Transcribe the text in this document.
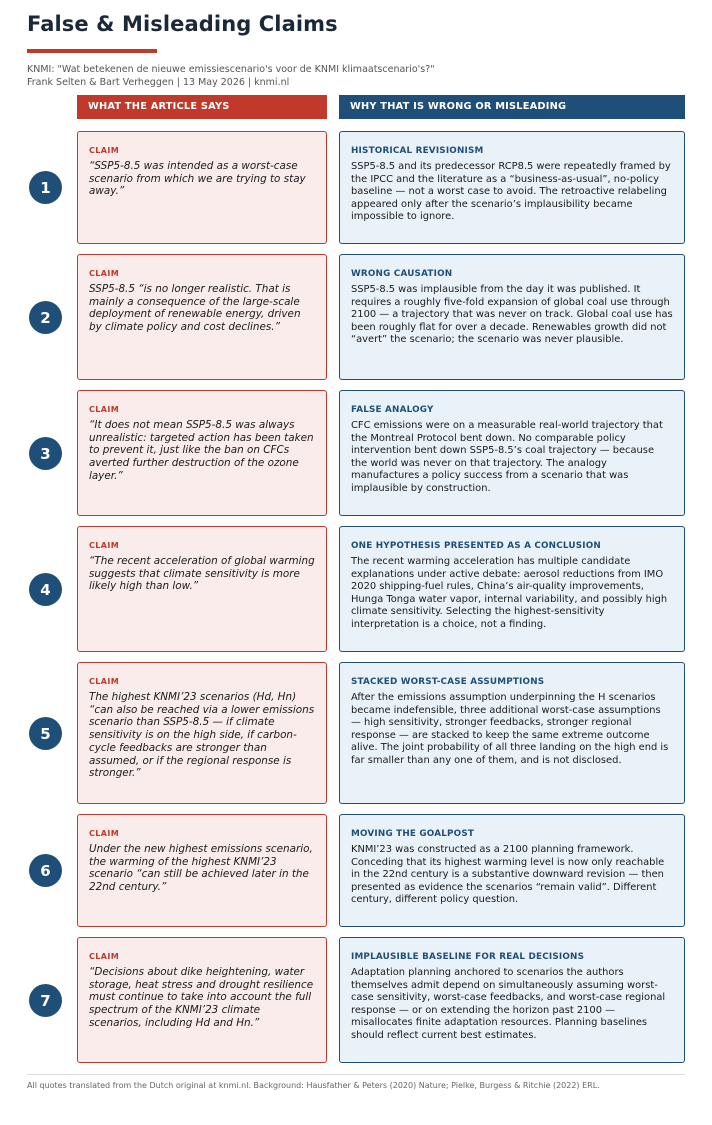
False & Misleading Claims
KNMI: "Wat betekenen de nieuwe emissiescenario's voor de KNMI klimaatscenario's?"
Frank Selten & Bart Verheggen | 13 May 2026 | knmi.nl
WHAT THE ARTICLE SAYS	WHY THAT IS WRONG OR MISLEADING
1
CLAIM
“SSP5-8.5 was intended as a worst-case scenario from which we are trying to stay away.”
HISTORICAL REVISIONISM
SSP5-8.5 and its predecessor RCP8.5 were repeatedly framed by the IPCC and the literature as a “business-as-usual”, no-policy baseline — not a worst case to avoid. The retroactive relabeling appeared only after the scenario’s implausibility became impossible to ignore.
2
CLAIM
SSP5-8.5 “is no longer realistic. That is mainly a consequence of the large-scale deployment of renewable energy, driven by climate policy and cost declines.”
WRONG CAUSATION
SSP5-8.5 was implausible from the day it was published. It requires a roughly five-fold expansion of global coal use through 2100 — a trajectory that was never on track. Global coal use has been roughly flat for over a decade. Renewables growth did not “avert” the scenario; the scenario was never plausible.
3
CLAIM
“It does not mean SSP5-8.5 was always unrealistic: targeted action has been taken to prevent it, just like the ban on CFCs averted further destruction of the ozone layer.”
FALSE ANALOGY
CFC emissions were on a measurable real-world trajectory that the Montreal Protocol bent down. No comparable policy intervention bent down SSP5-8.5’s coal trajectory — because the world was never on that trajectory. The analogy manufactures a policy success from a scenario that was implausible by construction.
4
CLAIM
“The recent acceleration of global warming suggests that climate sensitivity is more likely high than low.”
ONE HYPOTHESIS PRESENTED AS A CONCLUSION
The recent warming acceleration has multiple candidate explanations under active debate: aerosol reductions from IMO 2020 shipping-fuel rules, China’s air-quality improvements, Hunga Tonga water vapor, internal variability, and possibly high climate sensitivity. Selecting the highest-sensitivity interpretation is a choice, not a finding.
5
CLAIM
The highest KNMI’23 scenarios (Hd, Hn) “can also be reached via a lower emissions scenario than SSP5-8.5 — if climate sensitivity is on the high side, if carbon-cycle feedbacks are stronger than assumed, or if the regional response is stronger.”
STACKED WORST-CASE ASSUMPTIONS
After the emissions assumption underpinning the H scenarios became indefensible, three additional worst-case assumptions — high sensitivity, stronger feedbacks, stronger regional response — are stacked to keep the same extreme outcome alive. The joint probability of all three landing on the high end is far smaller than any one of them, and is not disclosed.
6
CLAIM
Under the new highest emissions scenario, the warming of the highest KNMI’23 scenario “can still be achieved later in the 22nd century.”
MOVING THE GOALPOST
KNMI’23 was constructed as a 2100 planning framework. Conceding that its highest warming level is now only reachable in the 22nd century is a substantive downward revision — then presented as evidence the scenarios “remain valid”. Different century, different policy question.
7
CLAIM
“Decisions about dike heightening, water storage, heat stress and drought resilience must continue to take into account the full spectrum of the KNMI’23 climate scenarios, including Hd and Hn.”
IMPLAUSIBLE BASELINE FOR REAL DECISIONS
Adaptation planning anchored to scenarios the authors themselves admit depend on simultaneously assuming worst-case sensitivity, worst-case feedbacks, and worst-case regional response — or on extending the horizon past 2100 — misallocates finite adaptation resources. Planning baselines should reflect current best estimates.
All quotes translated from the Dutch original at knmi.nl. Background: Hausfather & Peters (2020) Nature; Pielke, Burgess & Ritchie (2022) ERL.
